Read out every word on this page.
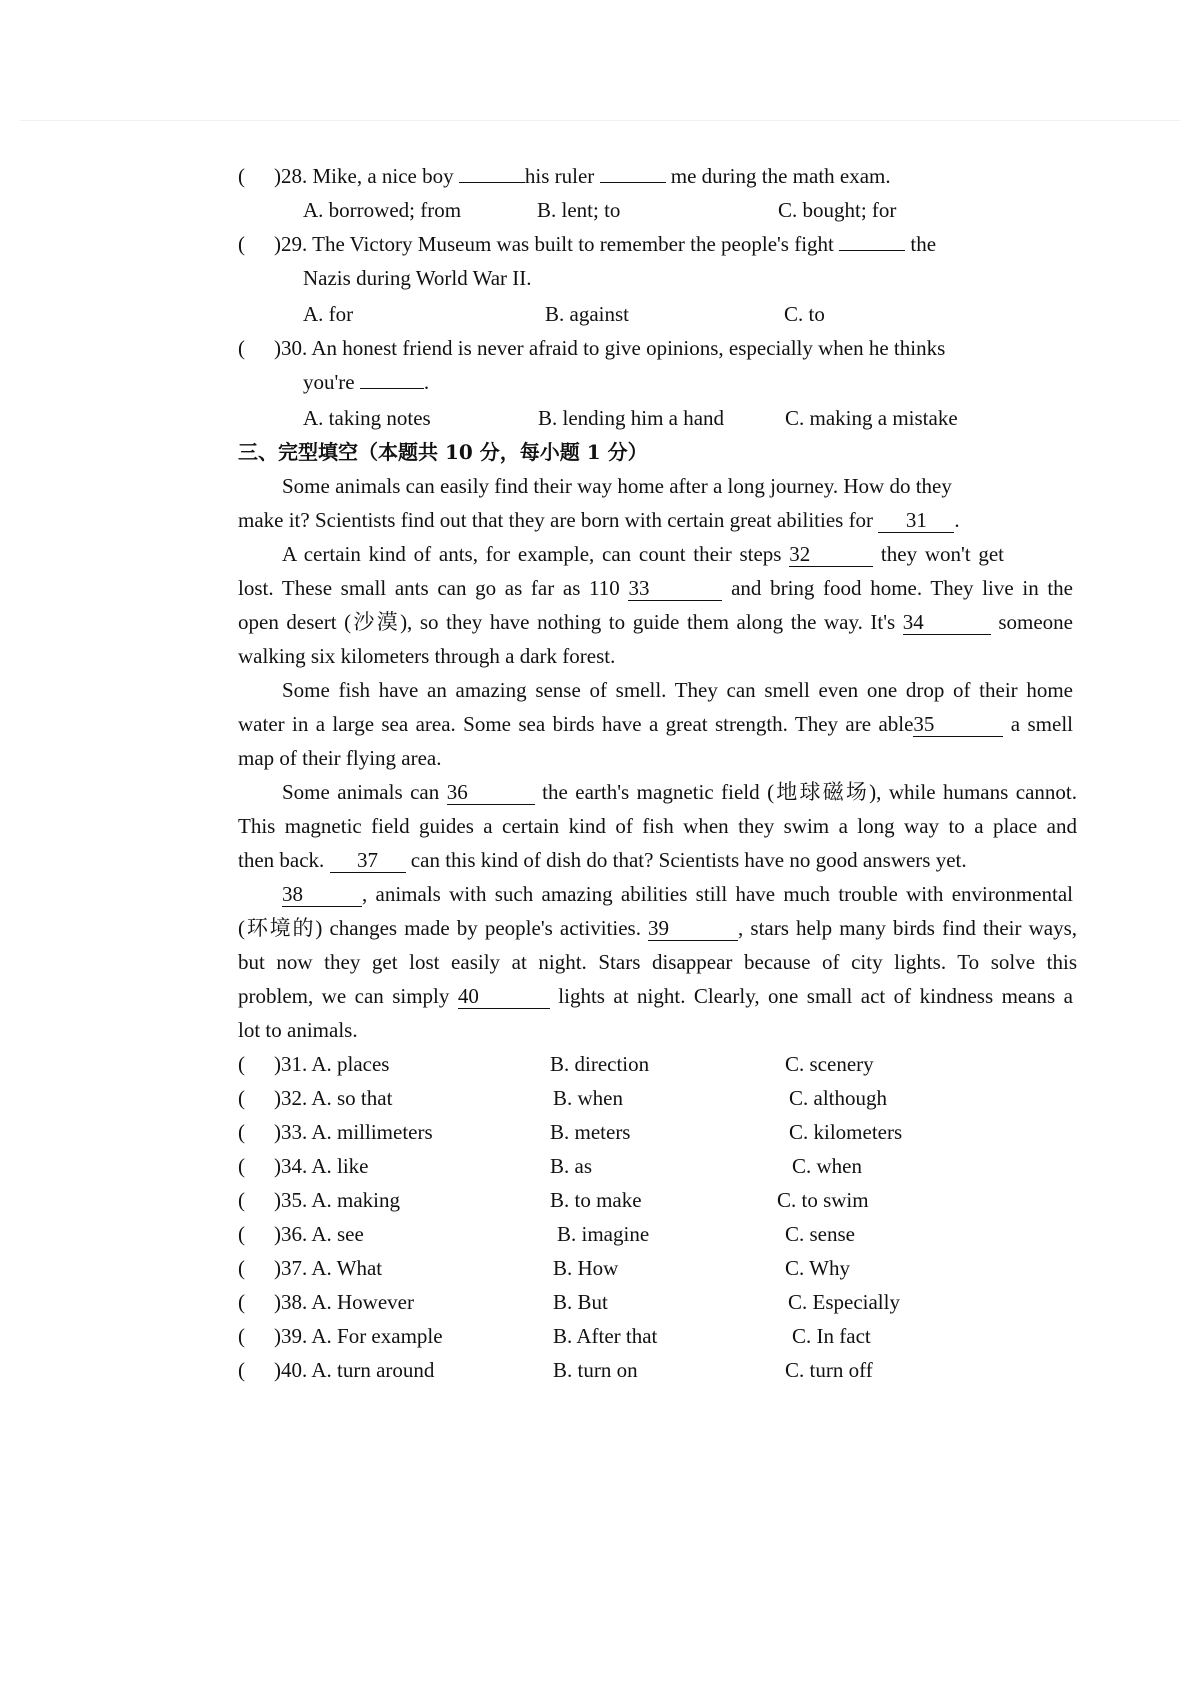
( )28. Mike, a nice boy	his ruler	me during the math exam.
A. borrowed; from	B. lent; to	C. bought; for
( )29. The Victory Museum was built to remember the people's fight	the
Nazis during World War II.
A. for	B. against	C. to
( )30. An honest friend is never afraid to give opinions, especially when he thinks
you're	.
A. taking notes	B. lending him a hand	C. making a mistake
三、完型填空（本题共 10 分，每小题 1 分）
Some animals can easily find their way home after a long journey. How do they
make it? Scientists find out that they are born with certain great abilities for 31 .
A certain kind of ants, for example, can count their steps 32	they won't get
lost. These small ants can go as far as 110 33	and bring food home. They live in the
open desert (沙漠), so they have nothing to guide them along the way. It's 34	someone
walking six kilometers through a dark forest.
Some fish have an amazing sense of smell. They can smell even one drop of their home
water in a large sea area. Some sea birds have a great strength. They are able35	a smell
map of their flying area.
Some animals can 36	the earth's magnetic field (地球磁场), while humans cannot.
This magnetic field guides a certain kind of fish when they swim a long way to a place and
then back. 37 can this kind of dish do that? Scientists have no good answers yet.
38	, animals with such amazing abilities still have much trouble with environmental
(环境的) changes made by people's activities. 39	, stars help many birds find their ways,
but now they get lost easily at night. Stars disappear because of city lights. To solve this
problem, we can simply 40	lights at night. Clearly, one small act of kindness means a
lot to animals.
( )31. A. places	B. direction	C. scenery
( )32. A. so that	B. when	C. although
( )33. A. millimeters	B. meters	C. kilometers
( )34. A. like	B. as	C. when
( )35. A. making	B. to make	C. to swim
( )36. A. see	B. imagine	C. sense
( )37. A. What	B. How	C. Why
( )38. A. However	B. But	C. Especially
( )39. A. For example	B. After that	C. In fact
( )40. A. turn around	B. turn on	C. turn off
